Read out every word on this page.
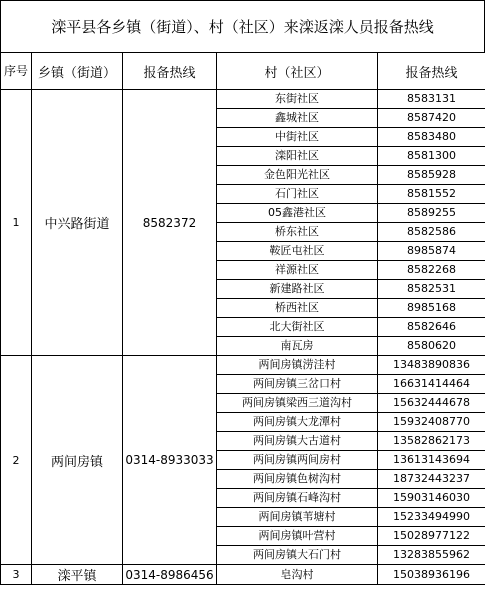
滦平县各乡镇（街道）、村（社区）来滦返滦人员报备热线
序号	乡镇（街道）	报备热线	村（社区）	报备热线
1	中兴路街道	8582372	东街社区	8583131
			鑫城社区	8587420
			中街社区	8583480
			滦阳社区	8581300
			金色阳光社区	8585928
			石门社区	8581552
			05鑫港社区	8589255
			桥东社区	8582586
			鞍匠屯社区	8985874
			祥源社区	8582268
			新建路社区	8582531
			桥西社区	8985168
			北大街社区	8582646
			南瓦房	8580620
2	两间房镇	0314-8933033	两间房镇涝洼村	13483890836
			两间房镇三岔口村	16631414464
			两间房镇梁西三道沟村	15632444678
			两间房镇大龙潭村	15932408770
			两间房镇大古道村	13582862173
			两间房镇两间房村	13613143694
			两间房镇色树沟村	18732443237
			两间房镇石峰沟村	15903146030
			两间房镇苇塘村	15233494990
			两间房镇叶营村	15028977122
			两间房镇大石门村	13283855962
3	滦平镇	0314-8986456	皂沟村	15038936196
